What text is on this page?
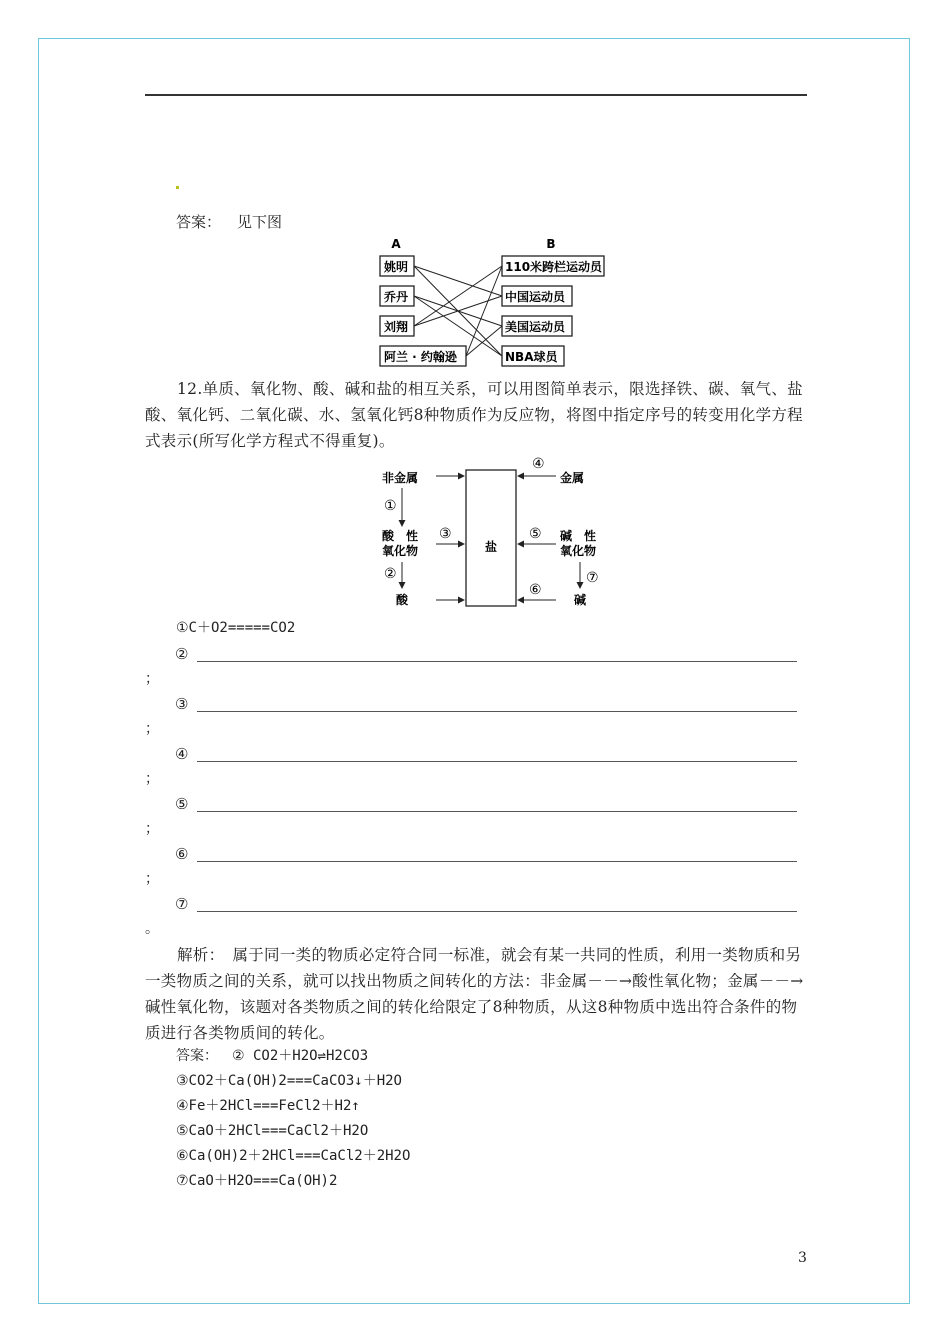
答案： 见下图
A	B
姚明
乔丹
刘翔
阿兰 · 约翰逊
110米跨栏运动员
中国运动员
美国运动员
NBA球员
12.单质、氧化物、酸、碱和盐的相互关系，可以用图简单表示，限选择铁、碳、氧气、盐酸、氧化钙、二氧化碳、水、氢氧化钙8种物质作为反应物，将图中指定序号的转变用化学方程式表示(所写化学方程式不得重复)。
盐
非金属
酸　性
氧化物
酸
金属
碱　性
氧化物
碱
①
②
③
④
⑤
⑥
⑦
①C＋O2=====CO2
②
；
③
；
④
；
⑤
；
⑥
；
⑦
。
解析：　属于同一类的物质必定符合同一标准，就会有某一共同的性质，利用一类物质和另一类物质之间的关系，就可以找出物质之间转化的方法：非金属－－→酸性氧化物；金属－－→碱性氧化物，该题对各类物质之间的转化给限定了8种物质，从这8种物质中选出符合条件的物质进行各类物质间的转化。
答案： ② CO2＋H2O⇌H2CO3
③CO2＋Ca(OH)2===CaCO3↓＋H2O
④Fe＋2HCl===FeCl2＋H2↑
⑤CaO＋2HCl===CaCl2＋H2O
⑥Ca(OH)2＋2HCl===CaCl2＋2H2O
⑦CaO＋H2O===Ca(OH)2
3
